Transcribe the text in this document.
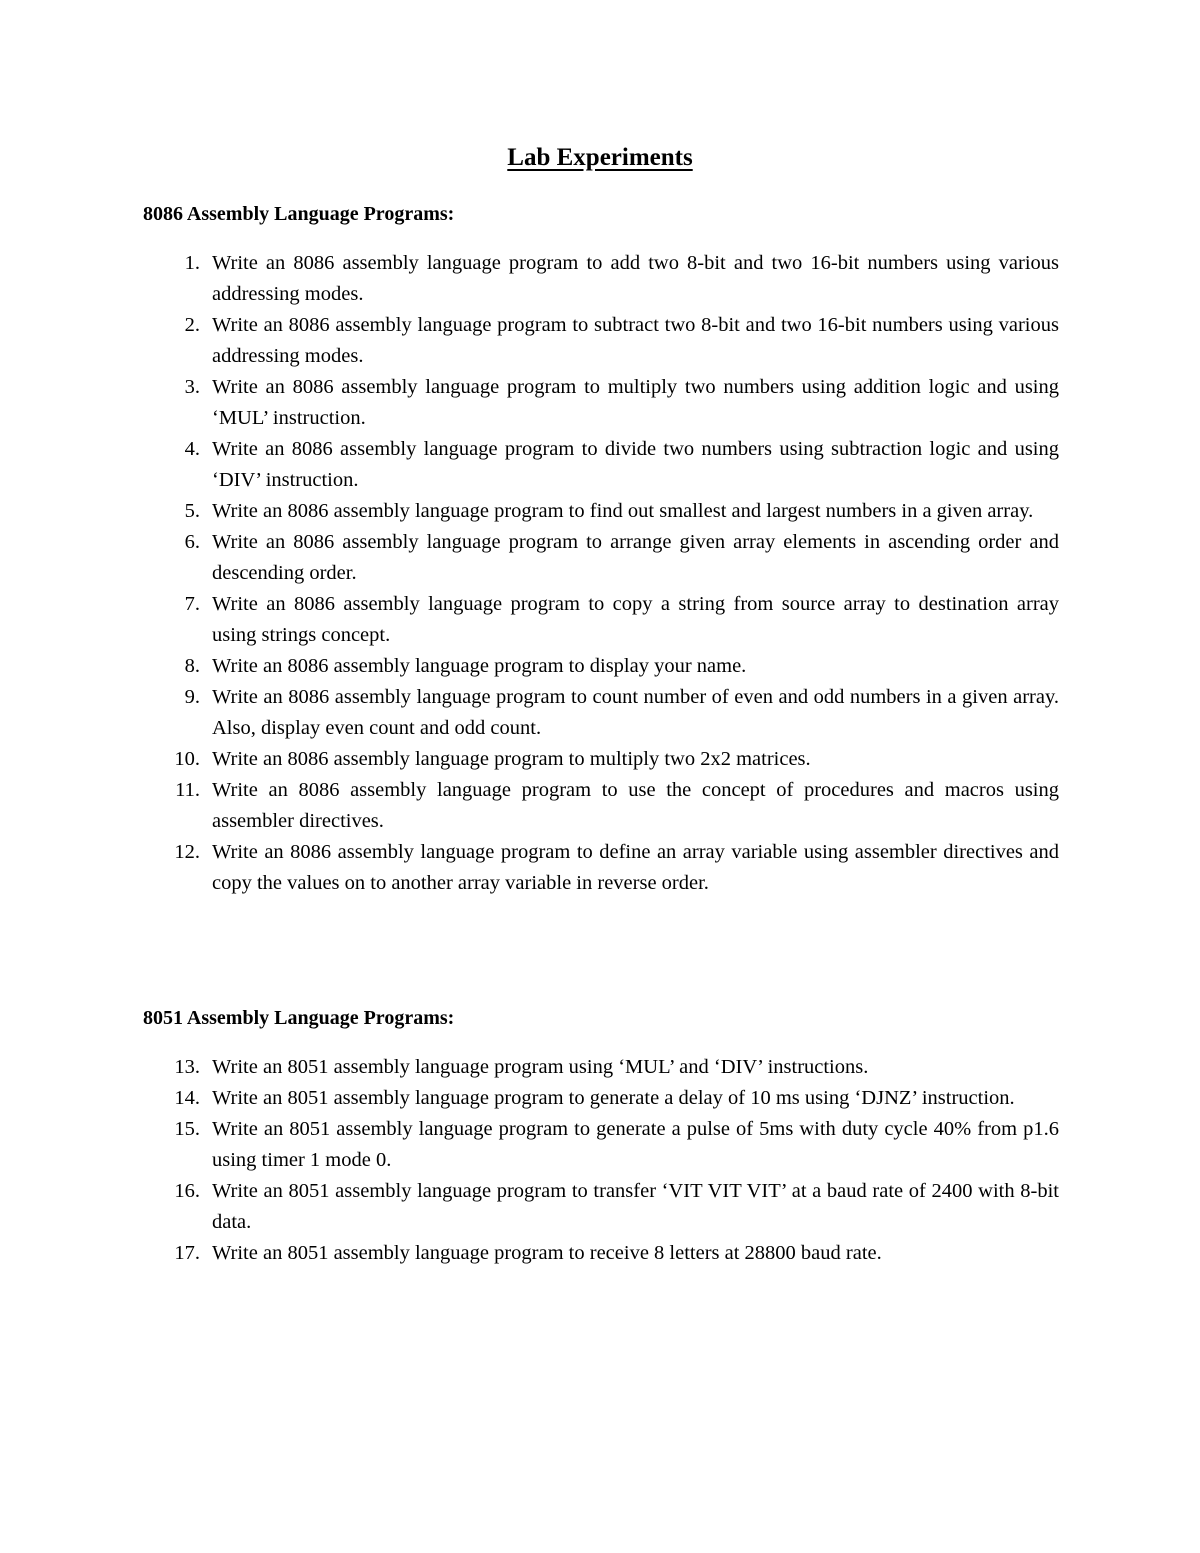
Lab Experiments
8086 Assembly Language Programs:
1. Write an 8086 assembly language program to add two 8-bit and two 16-bit numbers using various addressing modes.
2. Write an 8086 assembly language program to subtract two 8-bit and two 16-bit numbers using various addressing modes.
3. Write an 8086 assembly language program to multiply two numbers using addition logic and using ‘MUL’ instruction.
4. Write an 8086 assembly language program to divide two numbers using subtraction logic and using ‘DIV’ instruction.
5. Write an 8086 assembly language program to find out smallest and largest numbers in a given array.
6. Write an 8086 assembly language program to arrange given array elements in ascending order and descending order.
7. Write an 8086 assembly language program to copy a string from source array to destination array using strings concept.
8. Write an 8086 assembly language program to display your name.
9. Write an 8086 assembly language program to count number of even and odd numbers in a given array. Also, display even count and odd count.
10. Write an 8086 assembly language program to multiply two 2x2 matrices.
11. Write an 8086 assembly language program to use the concept of procedures and macros using assembler directives.
12. Write an 8086 assembly language program to define an array variable using assembler directives and copy the values on to another array variable in reverse order.
8051 Assembly Language Programs:
13. Write an 8051 assembly language program using ‘MUL’ and ‘DIV’ instructions.
14. Write an 8051 assembly language program to generate a delay of 10 ms using ‘DJNZ’ instruction.
15. Write an 8051 assembly language program to generate a pulse of 5ms with duty cycle 40% from p1.6 using timer 1 mode 0.
16. Write an 8051 assembly language program to transfer ‘VIT VIT VIT’ at a baud rate of 2400 with 8-bit data.
17. Write an 8051 assembly language program to receive 8 letters at 28800 baud rate.
